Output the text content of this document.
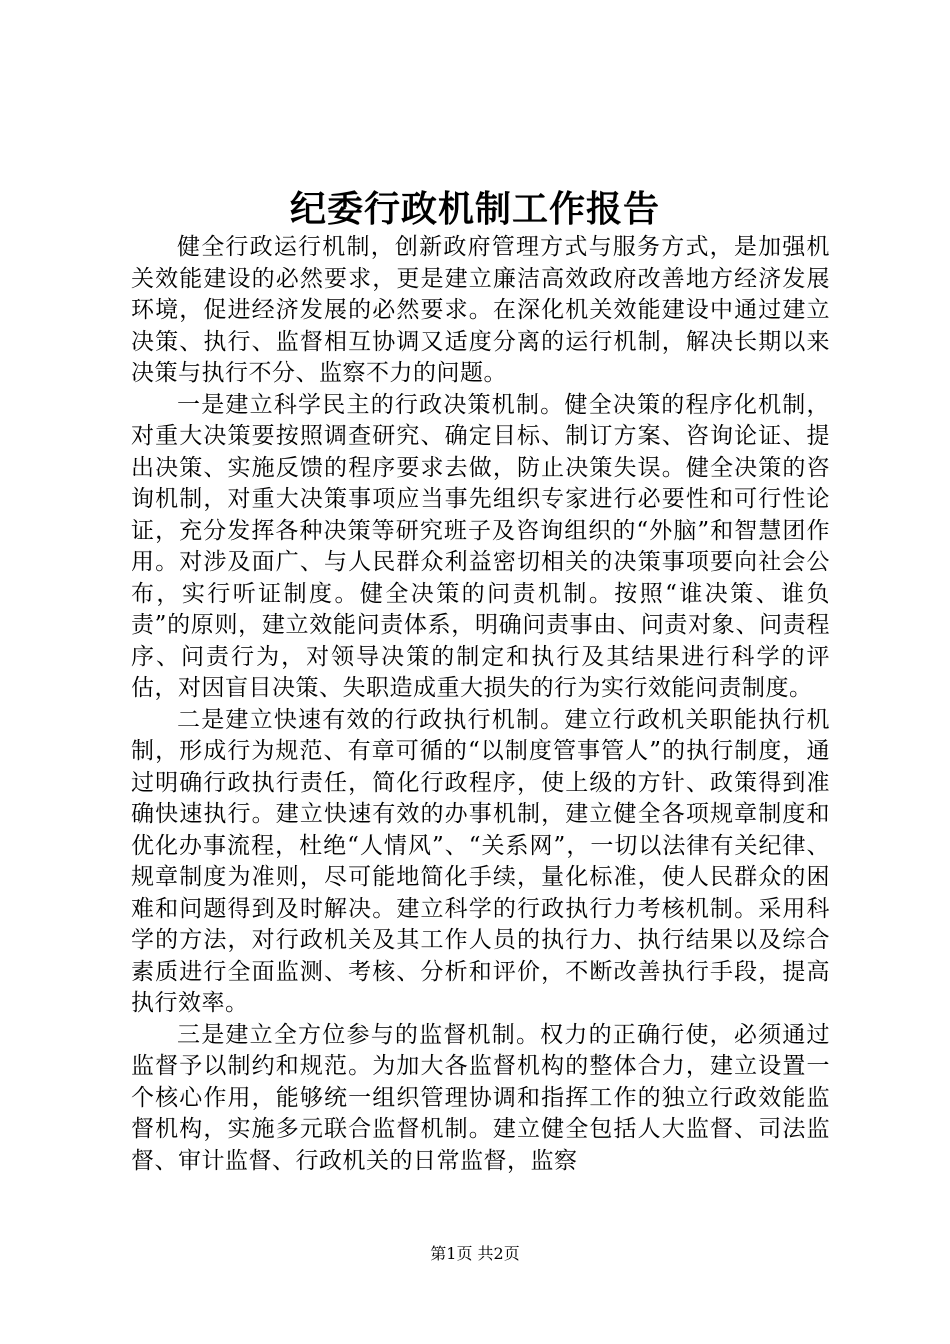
纪委行政机制工作报告

健全行政运行机制，创新政府管理方式与服务方式，是加强机关效能建设的必然要求，更是建立廉洁高效政府改善地方经济发展环境，促进经济发展的必然要求。在深化机关效能建设中通过建立决策、执行、监督相互协调又适度分离的运行机制，解决长期以来决策与执行不分、监察不力的问题。

一是建立科学民主的行政决策机制。健全决策的程序化机制，对重大决策要按照调查研究、确定目标、制订方案、咨询论证、提出决策、实施反馈的程序要求去做，防止决策失误。健全决策的咨询机制，对重大决策事项应当事先组织专家进行必要性和可行性论证，充分发挥各种决策等研究班子及咨询组织的“外脑”和智慧团作用。对涉及面广、与人民群众利益密切相关的决策事项要向社会公布，实行听证制度。健全决策的问责机制。按照“谁决策、谁负责”的原则，建立效能问责体系，明确问责事由、问责对象、问责程序、问责行为，对领导决策的制定和执行及其结果进行科学的评估，对因盲目决策、失职造成重大损失的行为实行效能问责制度。

二是建立快速有效的行政执行机制。建立行政机关职能执行机制，形成行为规范、有章可循的“以制度管事管人”的执行制度，通过明确行政执行责任，简化行政程序，使上级的方针、政策得到准确快速执行。建立快速有效的办事机制，建立健全各项规章制度和优化办事流程，杜绝“人情风”、“关系网”，一切以法律有关纪律、规章制度为准则，尽可能地简化手续，量化标准，使人民群众的困难和问题得到及时解决。建立科学的行政执行力考核机制。采用科学的方法，对行政机关及其工作人员的执行力、执行结果以及综合素质进行全面监测、考核、分析和评价，不断改善执行手段，提高执行效率。

三是建立全方位参与的监督机制。权力的正确行使，必须通过监督予以制约和规范。为加大各监督机构的整体合力，建立设置一个核心作用，能够统一组织管理协调和指挥工作的独立行政效能监督机构，实施多元联合监督机制。建立健全包括人大监督、司法监督、审计监督、行政机关的日常监督，监察

第1页 共2页
